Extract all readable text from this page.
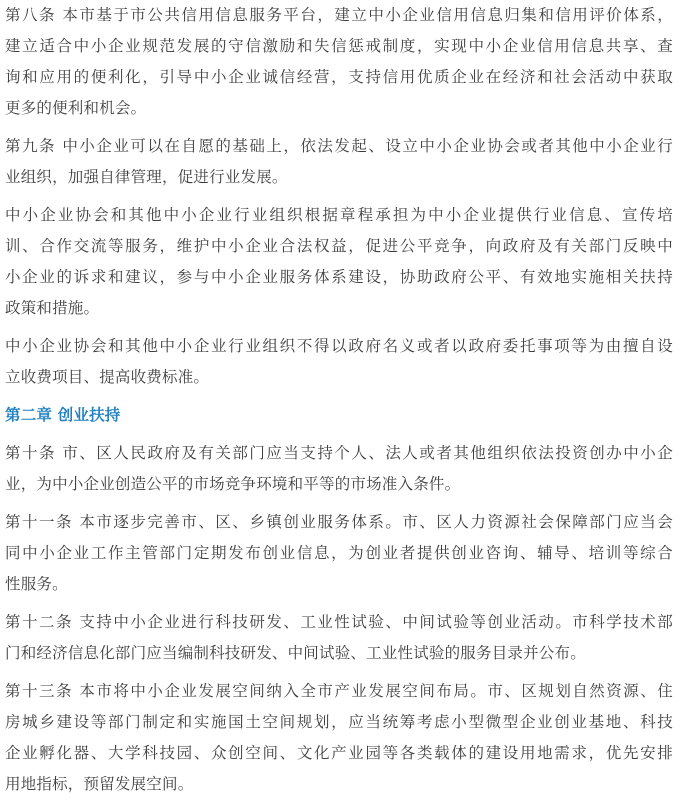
第八条 本市基于市公共信用信息服务平台，建立中小企业信用信息归集和信用评价体系，
建立适合中小企业规范发展的守信激励和失信惩戒制度，实现中小企业信用信息共享、查
询和应用的便利化，引导中小企业诚信经营，支持信用优质企业在经济和社会活动中获取
更多的便利和机会。
第九条 中小企业可以在自愿的基础上，依法发起、设立中小企业协会或者其他中小企业行
业组织，加强自律管理，促进行业发展。
中小企业协会和其他中小企业行业组织根据章程承担为中小企业提供行业信息、宣传培
训、合作交流等服务，维护中小企业合法权益，促进公平竞争，向政府及有关部门反映中
小企业的诉求和建议，参与中小企业服务体系建设，协助政府公平、有效地实施相关扶持
政策和措施。
中小企业协会和其他中小企业行业组织不得以政府名义或者以政府委托事项等为由擅自设
立收费项目、提高收费标准。
第二章 创业扶持
第十条 市、区人民政府及有关部门应当支持个人、法人或者其他组织依法投资创办中小企
业，为中小企业创造公平的市场竞争环境和平等的市场准入条件。
第十一条 本市逐步完善市、区、乡镇创业服务体系。市、区人力资源社会保障部门应当会
同中小企业工作主管部门定期发布创业信息，为创业者提供创业咨询、辅导、培训等综合
性服务。
第十二条 支持中小企业进行科技研发、工业性试验、中间试验等创业活动。市科学技术部
门和经济信息化部门应当编制科技研发、中间试验、工业性试验的服务目录并公布。
第十三条 本市将中小企业发展空间纳入全市产业发展空间布局。市、区规划自然资源、住
房城乡建设等部门制定和实施国土空间规划，应当统筹考虑小型微型企业创业基地、科技
企业孵化器、大学科技园、众创空间、文化产业园等各类载体的建设用地需求，优先安排
用地指标，预留发展空间。
